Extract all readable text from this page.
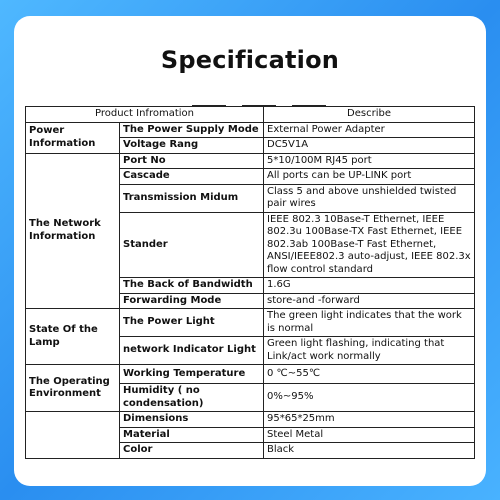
Specification
Product Infromation		Describe
Power Information	The Power Supply Mode	External Power Adapter
	Voltage Rang	DC5V1A
The Network Information	Port No	5*10/100M RJ45 port
	Cascade	All ports can be UP-LINK port
	Transmission Midum	Class 5 and above unshielded twisted pair wires
	Stander	IEEE 802.3 10Base-T Ethernet, IEEE 802.3u 100Base-TX Fast Ethernet, IEEE 802.3ab 100Base-T Fast Ethernet, ANSI/IEEE802.3 auto-adjust, IEEE 802.3x flow control standard
	The Back of Bandwidth	1.6G
	Forwarding Mode	store-and -forward
State Of the Lamp	The Power Light	The green light indicates that the work is normal
	network Indicator Light	Green light flashing, indicating that Link/act work normally
The Operating Environment	Working Temperature	0 ℃~55℃
	Humidity ( no condensation)	0%~95%
	Dimensions	95*65*25mm
	Material	Steel Metal
	Color	Black
